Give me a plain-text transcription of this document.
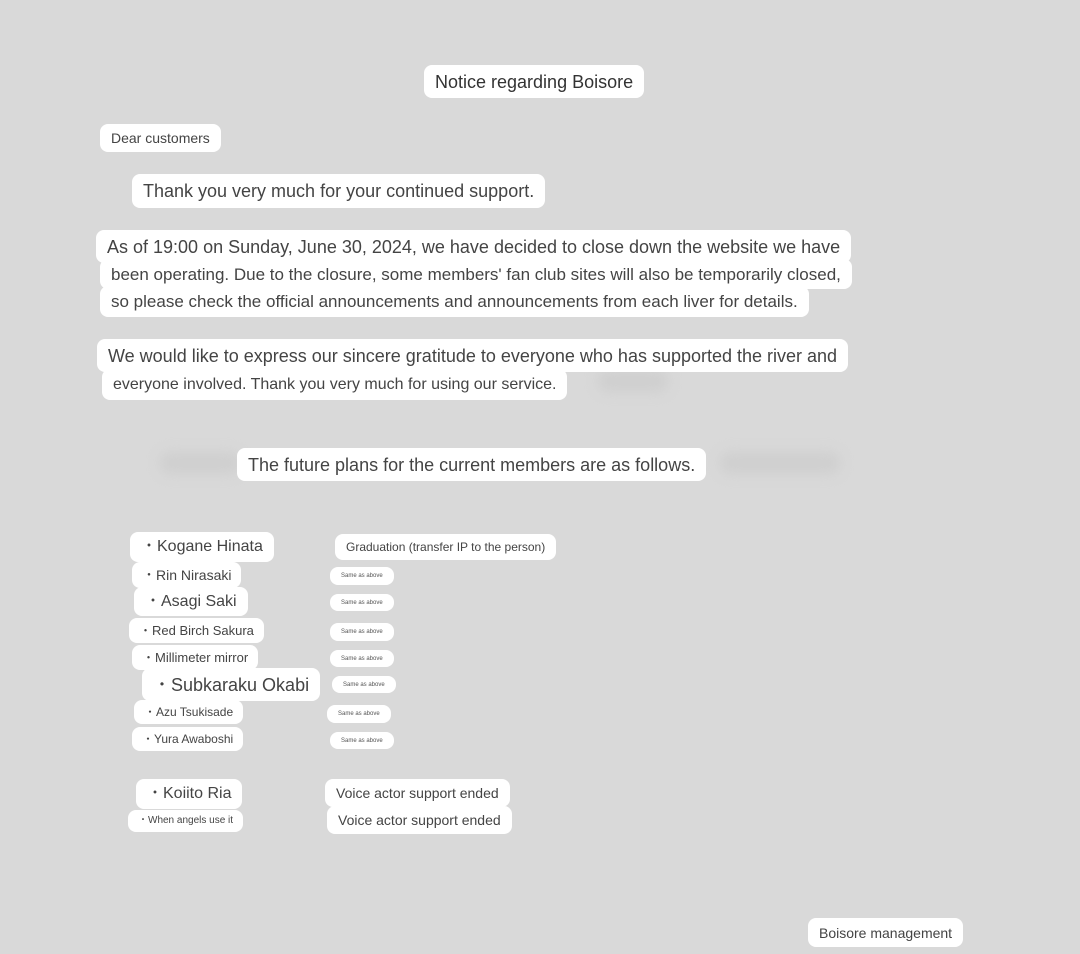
Notice regarding Boisore
Dear customers
Thank you very much for your continued support.
As of 19:00 on Sunday, June 30, 2024, we have decided to close down the website we have
been operating. Due to the closure, some members' fan club sites will also be temporarily closed,
so please check the official announcements and announcements from each liver for details.
We would like to express our sincere gratitude to everyone who has supported the river and
everyone involved. Thank you very much for using our service.
The future plans for the current members are as follows.
・Kogane Hinata	Graduation (transfer IP to the person)
・Rin Nirasaki	Same as above
・Asagi Saki	Same as above
・Red Birch Sakura	Same as above
・Millimeter mirror	Same as above
・Subkaraku Okabi	Same as above
・Azu Tsukisade	Same as above
・Yura Awaboshi	Same as above
・Koiito Ria	Voice actor support ended
・When angels use it	Voice actor support ended
Boisore management
